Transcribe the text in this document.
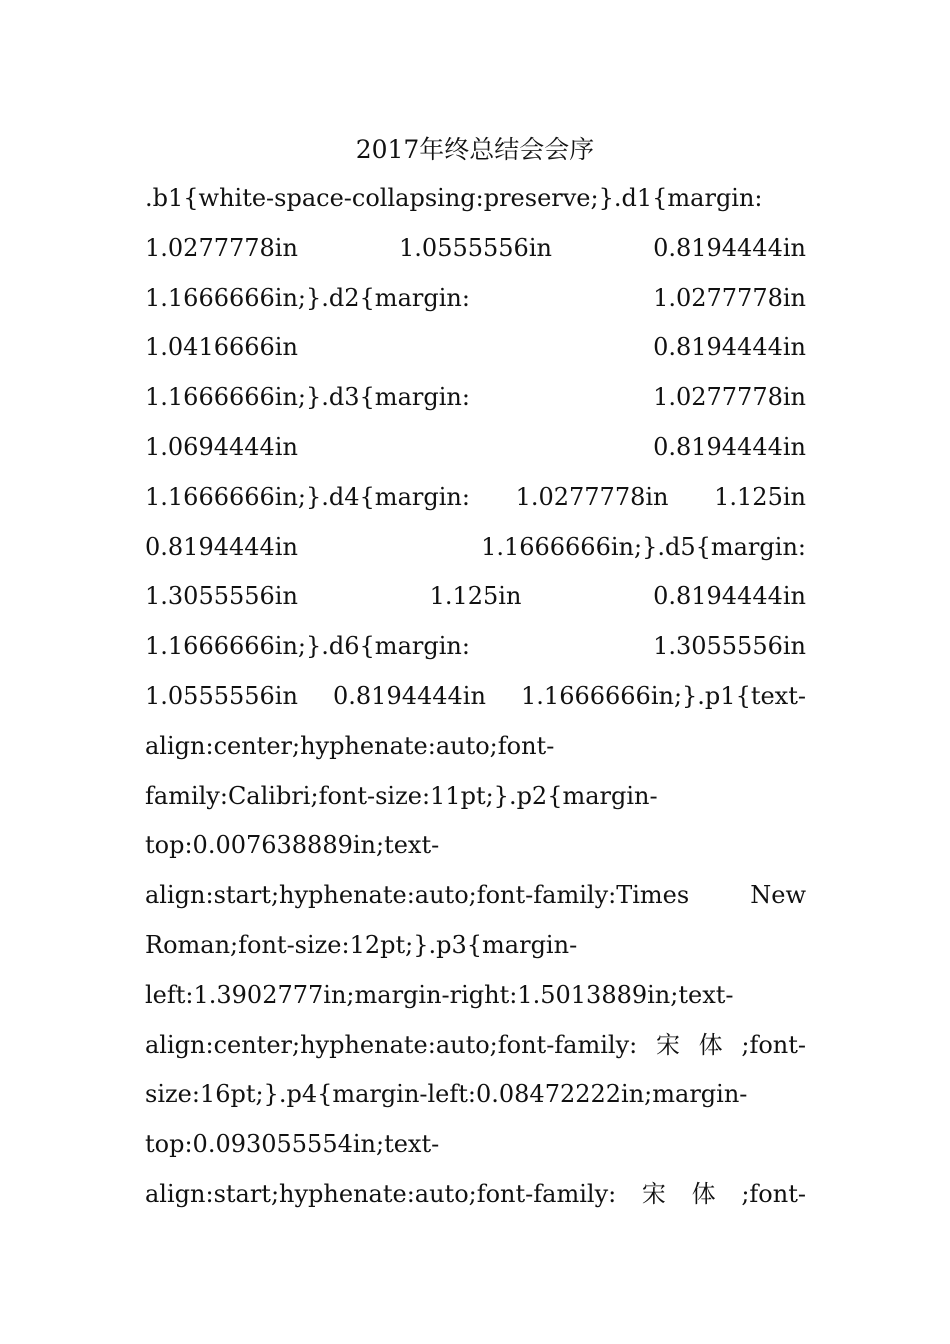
2017年终总结会会序
.b1{white-space-collapsing:preserve;}.d1{margin:
1.0277778in	1.0555556in	0.8194444in
1.1666666in;}.d2{margin:	1.0277778in
1.0416666in	0.8194444in
1.1666666in;}.d3{margin:	1.0277778in
1.0694444in	0.8194444in
1.1666666in;}.d4{margin: 1.0277778in 1.125in
0.8194444in	1.1666666in;}.d5{margin:
1.3055556in	1.125in	0.8194444in
1.1666666in;}.d6{margin:	1.3055556in
1.0555556in 0.8194444in 1.1666666in;}.p1{text-
align:center;hyphenate:auto;font-
family:Calibri;font-size:11pt;}.p2{margin-
top:0.007638889in;text-
align:start;hyphenate:auto;font-family:Times	New
Roman;font-size:12pt;}.p3{margin-
left:1.3902777in;margin-right:1.5013889in;text-
align:center;hyphenate:auto;font-family: 宋 体 ;font-
size:16pt;}.p4{margin-left:0.08472222in;margin-
top:0.093055554in;text-
align:start;hyphenate:auto;font-family: 宋 体 ;font-
